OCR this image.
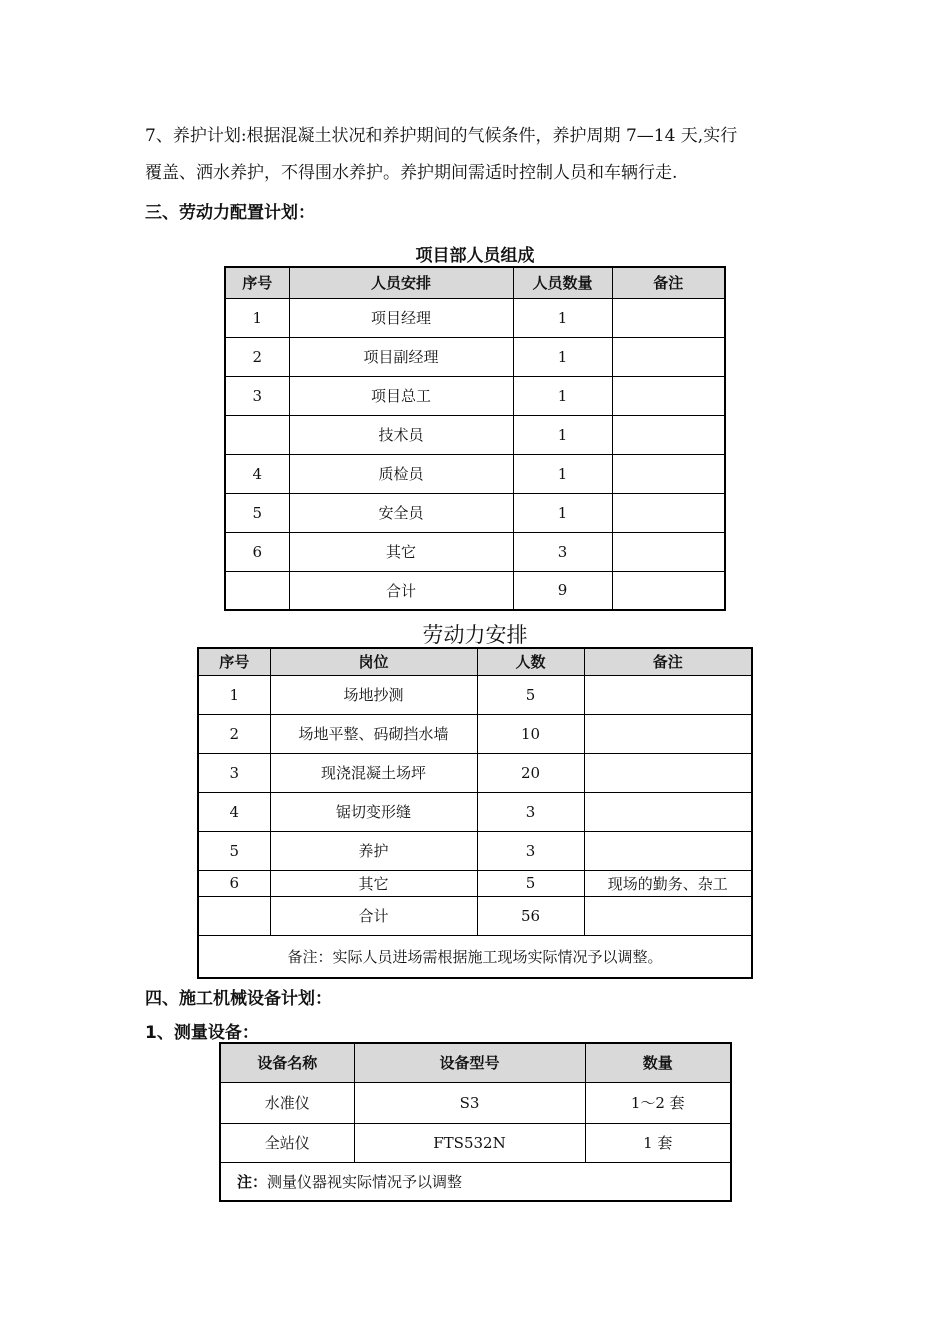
7、养护计划:根据混凝土状况和养护期间的气候条件，养护周期 7—14 天,实行

覆盖、洒水养护，不得围水养护。养护期间需适时控制人员和车辆行走.

三、劳动力配置计划：

项目部人员组成

序号	人员安排	人员数量	备注
1	项目经理	1	
2	项目副经理	1	
3	项目总工	1	
	技术员	1	
4	质检员	1	
5	安全员	1	
6	其它	3	
	合计	9	

劳动力安排

序号	岗位	人数	备注
1	场地抄测	5	
2	场地平整、码砌挡水墙	10	
3	现浇混凝土场坪	20	
4	锯切变形缝	3	
5	养护	3	
6	其它	5	现场的勤务、杂工
	合计	56	
备注：实际人员进场需根据施工现场实际情况予以调整。			

四、施工机械设备计划：

1、测量设备：

设备名称	设备型号	数量
水准仪	S3	1～2 套
全站仪	FTS532N	1 套
注：测量仪器视实际情况予以调整		
